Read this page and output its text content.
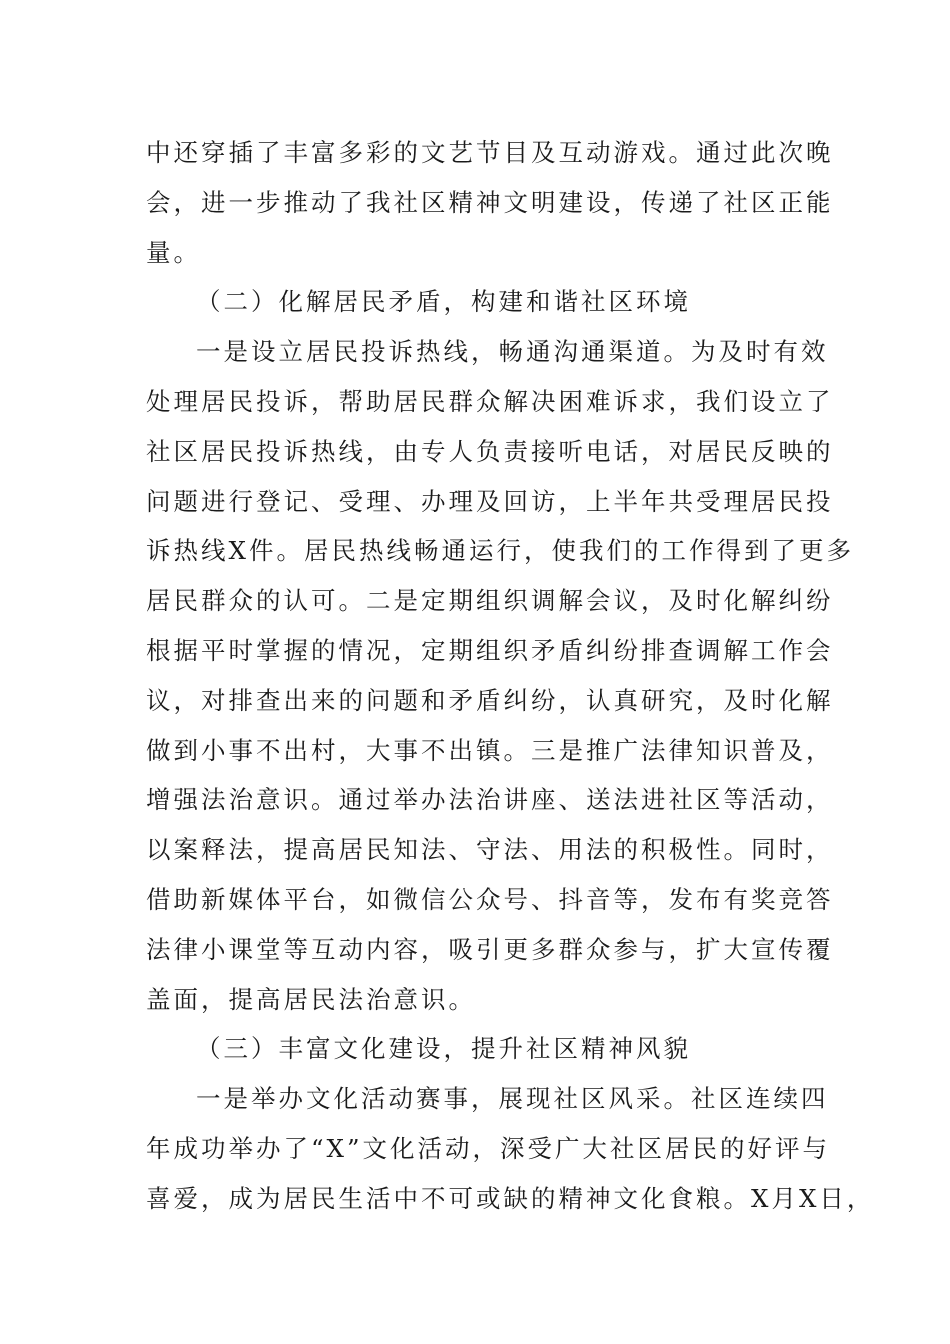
中还穿插了丰富多彩的文艺节目及互动游戏。通过此次晚
会，进一步推动了我社区精神文明建设，传递了社区正能
量。
（二）化解居民矛盾，构建和谐社区环境
一是设立居民投诉热线，畅通沟通渠道。为及时有效
处理居民投诉，帮助居民群众解决困难诉求，我们设立了
社区居民投诉热线，由专人负责接听电话，对居民反映的
问题进行登记、受理、办理及回访，上半年共受理居民投
诉热线X件。居民热线畅通运行，使我们的工作得到了更多
居民群众的认可。二是定期组织调解会议，及时化解纠纷
根据平时掌握的情况，定期组织矛盾纠纷排查调解工作会
议，对排查出来的问题和矛盾纠纷，认真研究，及时化解
做到小事不出村，大事不出镇。三是推广法律知识普及，
增强法治意识。通过举办法治讲座、送法进社区等活动，
以案释法，提高居民知法、守法、用法的积极性。同时，
借助新媒体平台，如微信公众号、抖音等，发布有奖竞答
法律小课堂等互动内容，吸引更多群众参与，扩大宣传覆
盖面，提高居民法治意识。
（三）丰富文化建设，提升社区精神风貌
一是举办文化活动赛事，展现社区风采。社区连续四
年成功举办了“X”文化活动，深受广大社区居民的好评与
喜爱，成为居民生活中不可或缺的精神文化食粮。X月X日，
